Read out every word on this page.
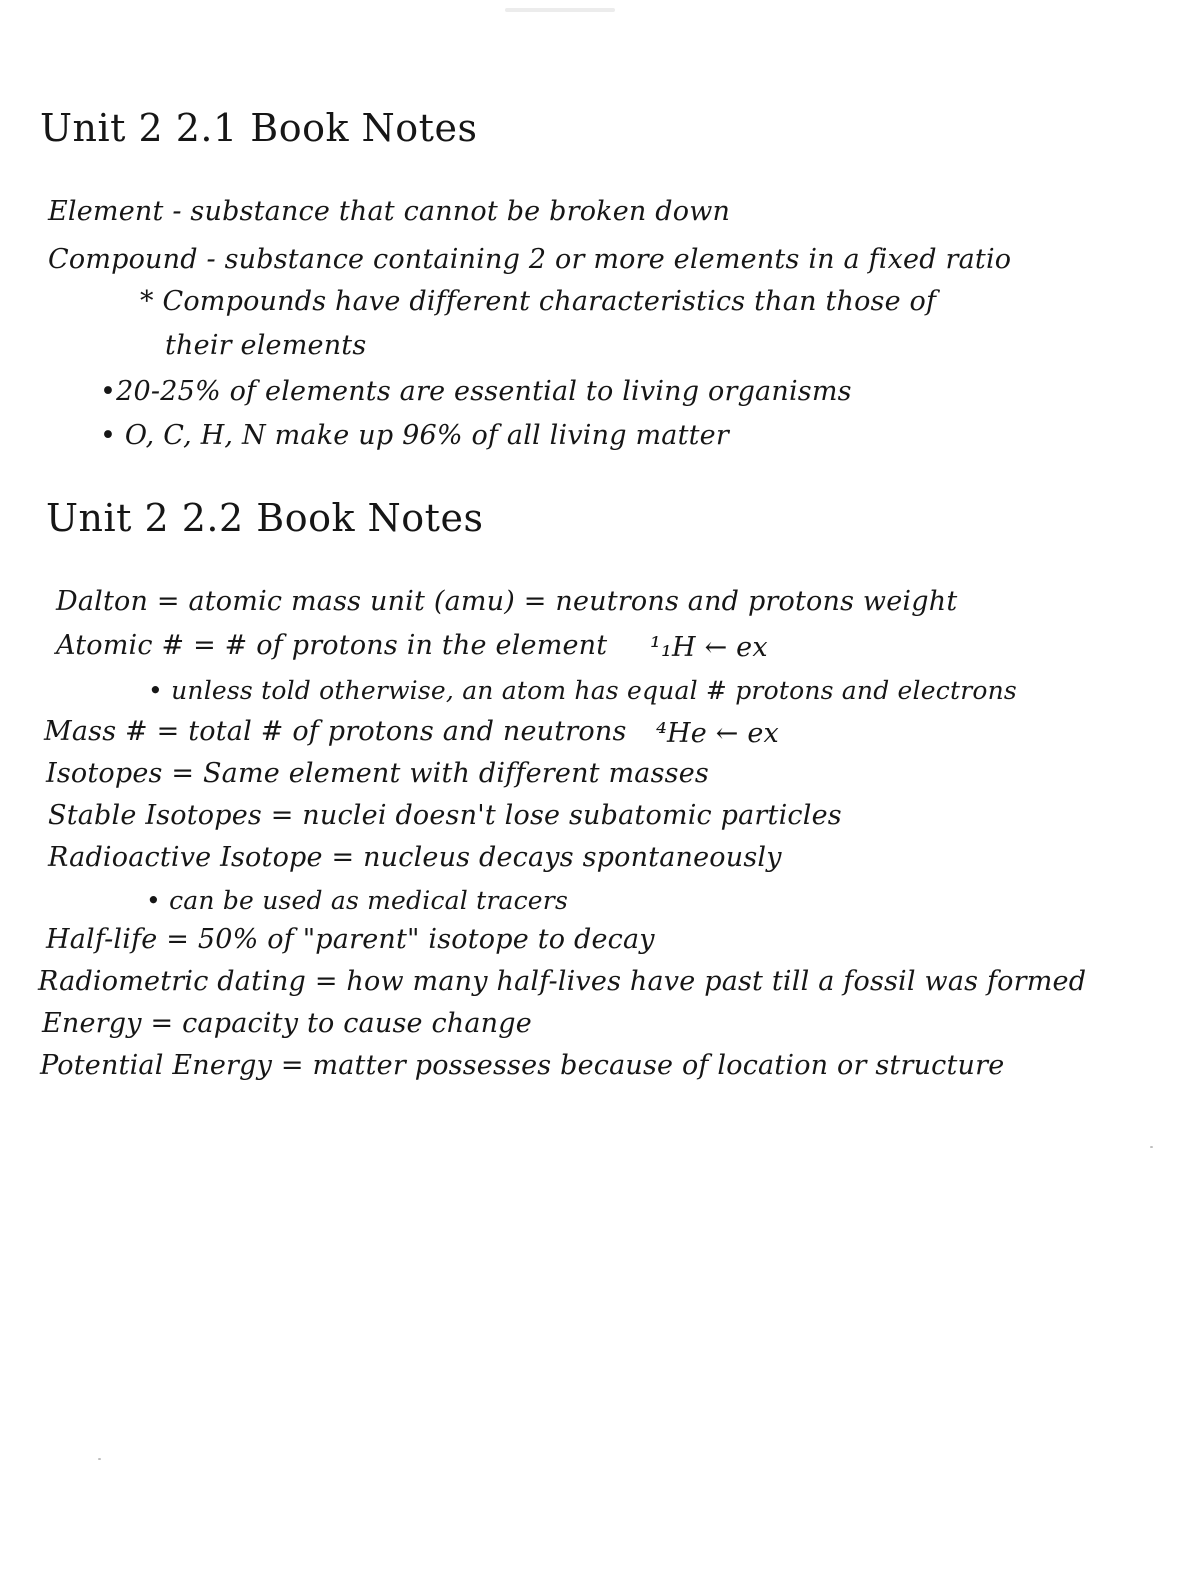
Unit 2 2.1 Book Notes
Element - substance that cannot be broken down
Compound - substance containing 2 or more elements in a fixed ratio
* Compounds have different characteristics than those of
their elements
•20-25% of elements are essential to living organisms
• O, C, H, N make up 96% of all living matter
Unit 2 2.2 Book Notes
Dalton = atomic mass unit (amu) = neutrons and protons weight
Atomic # = # of protons in the element ¹₁H ← ex
• unless told otherwise, an atom has equal # protons and electrons
Mass # = total # of protons and neutrons ⁴He ← ex
Isotopes = Same element with different masses
Stable Isotopes = nuclei doesn't lose subatomic particles
Radioactive Isotope = nucleus decays spontaneously
• can be used as medical tracers
Half-life = 50% of "parent" isotope to decay
Radiometric dating = how many half-lives have past till a fossil was formed
Energy = capacity to cause change
Potential Energy = matter possesses because of location or structure
